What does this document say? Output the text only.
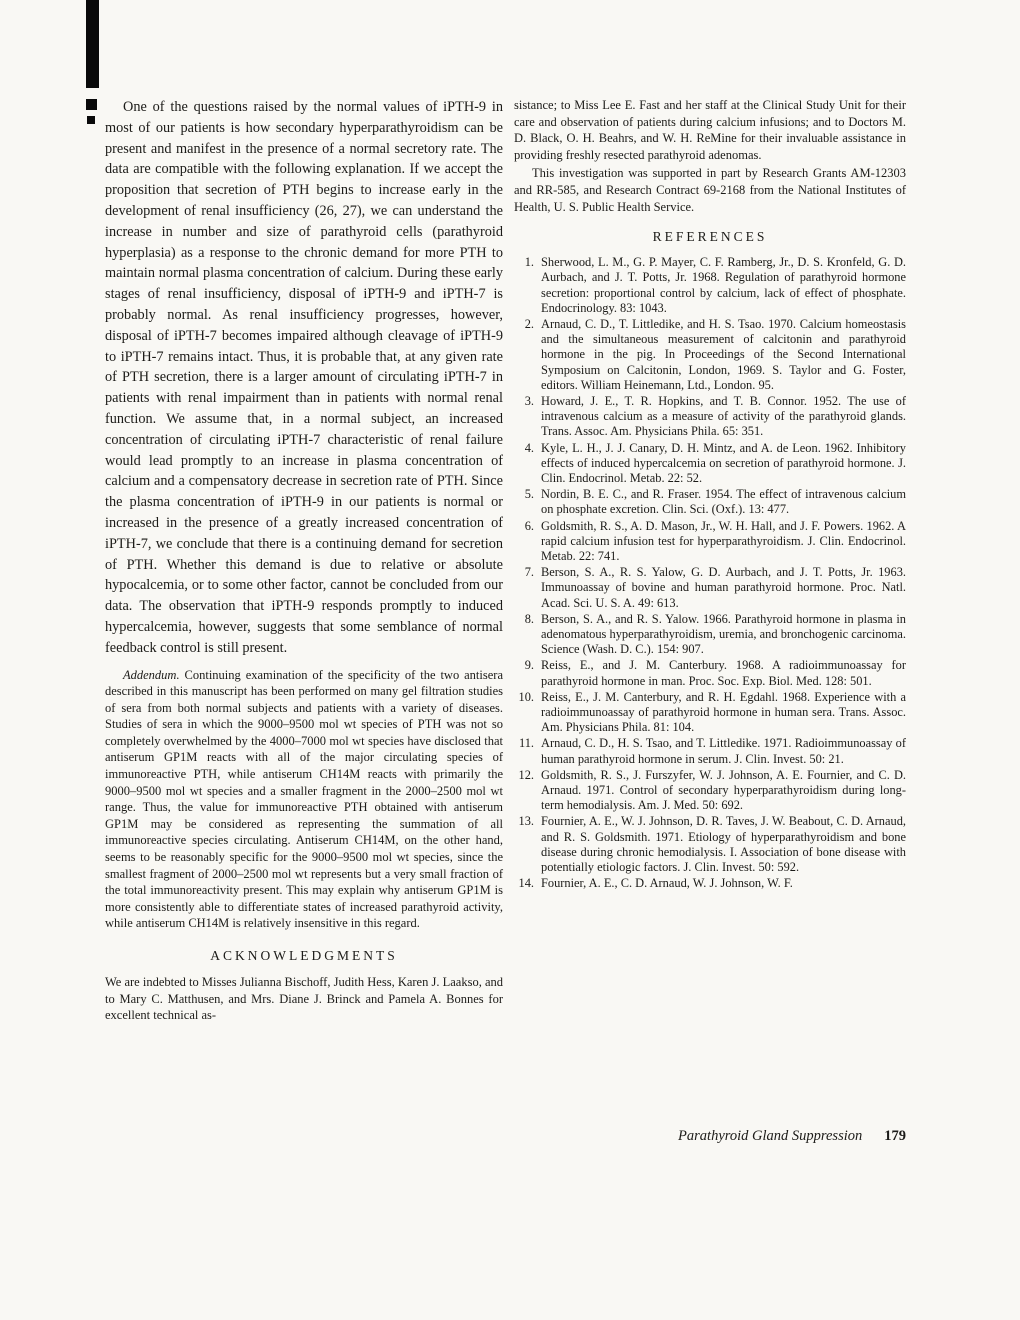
One of the questions raised by the normal values of iPTH-9 in most of our patients is how secondary hyperparathyroidism can be present and manifest in the presence of a normal secretory rate. The data are compatible with the following explanation. If we accept the proposition that secretion of PTH begins to increase early in the development of renal insufficiency (26, 27), we can understand the increase in number and size of parathyroid cells (parathyroid hyperplasia) as a response to the chronic demand for more PTH to maintain normal plasma concentration of calcium. During these early stages of renal insufficiency, disposal of iPTH-9 and iPTH-7 is probably normal. As renal insufficiency progresses, however, disposal of iPTH-7 becomes impaired although cleavage of iPTH-9 to iPTH-7 remains intact. Thus, it is probable that, at any given rate of PTH secretion, there is a larger amount of circulating iPTH-7 in patients with renal impairment than in patients with normal renal function. We assume that, in a normal subject, an increased concentration of circulating iPTH-7 characteristic of renal failure would lead promptly to an increase in plasma concentration of calcium and a compensatory decrease in secretion rate of PTH. Since the plasma concentration of iPTH-9 in our patients is normal or increased in the presence of a greatly increased concentration of iPTH-7, we conclude that there is a continuing demand for secretion of PTH. Whether this demand is due to relative or absolute hypocalcemia, or to some other factor, cannot be concluded from our data. The observation that iPTH-9 responds promptly to induced hypercalcemia, however, suggests that some semblance of normal feedback control is still present.

Addendum. Continuing examination of the specificity of the two antisera described in this manuscript has been performed on many gel filtration studies of sera from both normal subjects and patients with a variety of diseases. Studies of sera in which the 9000–9500 mol wt species of PTH was not so completely overwhelmed by the 4000–7000 mol wt species have disclosed that antiserum GP1M reacts with all of the major circulating species of immunoreactive PTH, while antiserum CH14M reacts with primarily the 9000–9500 mol wt species and a smaller fragment in the 2000–2500 mol wt range. Thus, the value for immunoreactive PTH obtained with antiserum GP1M may be considered as representing the summation of all immunoreactive species circulating. Antiserum CH14M, on the other hand, seems to be reasonably specific for the 9000–9500 mol wt species, since the smallest fragment of 2000–2500 mol wt represents but a very small fraction of the total immunoreactivity present. This may explain why antiserum GP1M is more consistently able to differentiate states of increased parathyroid activity, while antiserum CH14M is relatively insensitive in this regard.

ACKNOWLEDGMENTS

We are indebted to Misses Julianna Bischoff, Judith Hess, Karen J. Laakso, and to Mary C. Matthusen, and Mrs. Diane J. Brinck and Pamela A. Bonnes for excellent technical as-

sistance; to Miss Lee E. Fast and her staff at the Clinical Study Unit for their care and observation of patients during calcium infusions; and to Doctors M. D. Black, O. H. Beahrs, and W. H. ReMine for their invaluable assistance in providing freshly resected parathyroid adenomas.

This investigation was supported in part by Research Grants AM-12303 and RR-585, and Research Contract 69-2168 from the National Institutes of Health, U. S. Public Health Service.

REFERENCES
1. Sherwood, L. M., G. P. Mayer, C. F. Ramberg, Jr., D. S. Kronfeld, G. D. Aurbach, and J. T. Potts, Jr. 1968. Regulation of parathyroid hormone secretion: proportional control by calcium, lack of effect of phosphate. Endocrinology. 83: 1043.
2. Arnaud, C. D., T. Littledike, and H. S. Tsao. 1970. Calcium homeostasis and the simultaneous measurement of calcitonin and parathyroid hormone in the pig. In Proceedings of the Second International Symposium on Calcitonin, London, 1969. S. Taylor and G. Foster, editors. William Heinemann, Ltd., London. 95.
3. Howard, J. E., T. R. Hopkins, and T. B. Connor. 1952. The use of intravenous calcium as a measure of activity of the parathyroid glands. Trans. Assoc. Am. Physicians Phila. 65: 351.
4. Kyle, L. H., J. J. Canary, D. H. Mintz, and A. de Leon. 1962. Inhibitory effects of induced hypercalcemia on secretion of parathyroid hormone. J. Clin. Endocrinol. Metab. 22: 52.
5. Nordin, B. E. C., and R. Fraser. 1954. The effect of intravenous calcium on phosphate excretion. Clin. Sci. (Oxf.). 13: 477.
6. Goldsmith, R. S., A. D. Mason, Jr., W. H. Hall, and J. F. Powers. 1962. A rapid calcium infusion test for hyperparathyroidism. J. Clin. Endocrinol. Metab. 22: 741.
7. Berson, S. A., R. S. Yalow, G. D. Aurbach, and J. T. Potts, Jr. 1963. Immunoassay of bovine and human parathyroid hormone. Proc. Natl. Acad. Sci. U. S. A. 49: 613.
8. Berson, S. A., and R. S. Yalow. 1966. Parathyroid hormone in plasma in adenomatous hyperparathyroidism, uremia, and bronchogenic carcinoma. Science (Wash. D. C.). 154: 907.
9. Reiss, E., and J. M. Canterbury. 1968. A radioimmunoassay for parathyroid hormone in man. Proc. Soc. Exp. Biol. Med. 128: 501.
10. Reiss, E., J. M. Canterbury, and R. H. Egdahl. 1968. Experience with a radioimmunoassay of parathyroid hormone in human sera. Trans. Assoc. Am. Physicians Phila. 81: 104.
11. Arnaud, C. D., H. S. Tsao, and T. Littledike. 1971. Radioimmunoassay of human parathyroid hormone in serum. J. Clin. Invest. 50: 21.
12. Goldsmith, R. S., J. Furszyfer, W. J. Johnson, A. E. Fournier, and C. D. Arnaud. 1971. Control of secondary hyperparathyroidism during long-term hemodialysis. Am. J. Med. 50: 692.
13. Fournier, A. E., W. J. Johnson, D. R. Taves, J. W. Beabout, C. D. Arnaud, and R. S. Goldsmith. 1971. Etiology of hyperparathyroidism and bone disease during chronic hemodialysis. I. Association of bone disease with potentially etiologic factors. J. Clin. Invest. 50: 592.
14. Fournier, A. E., C. D. Arnaud, W. J. Johnson, W. F.
Parathyroid Gland Suppression 179
